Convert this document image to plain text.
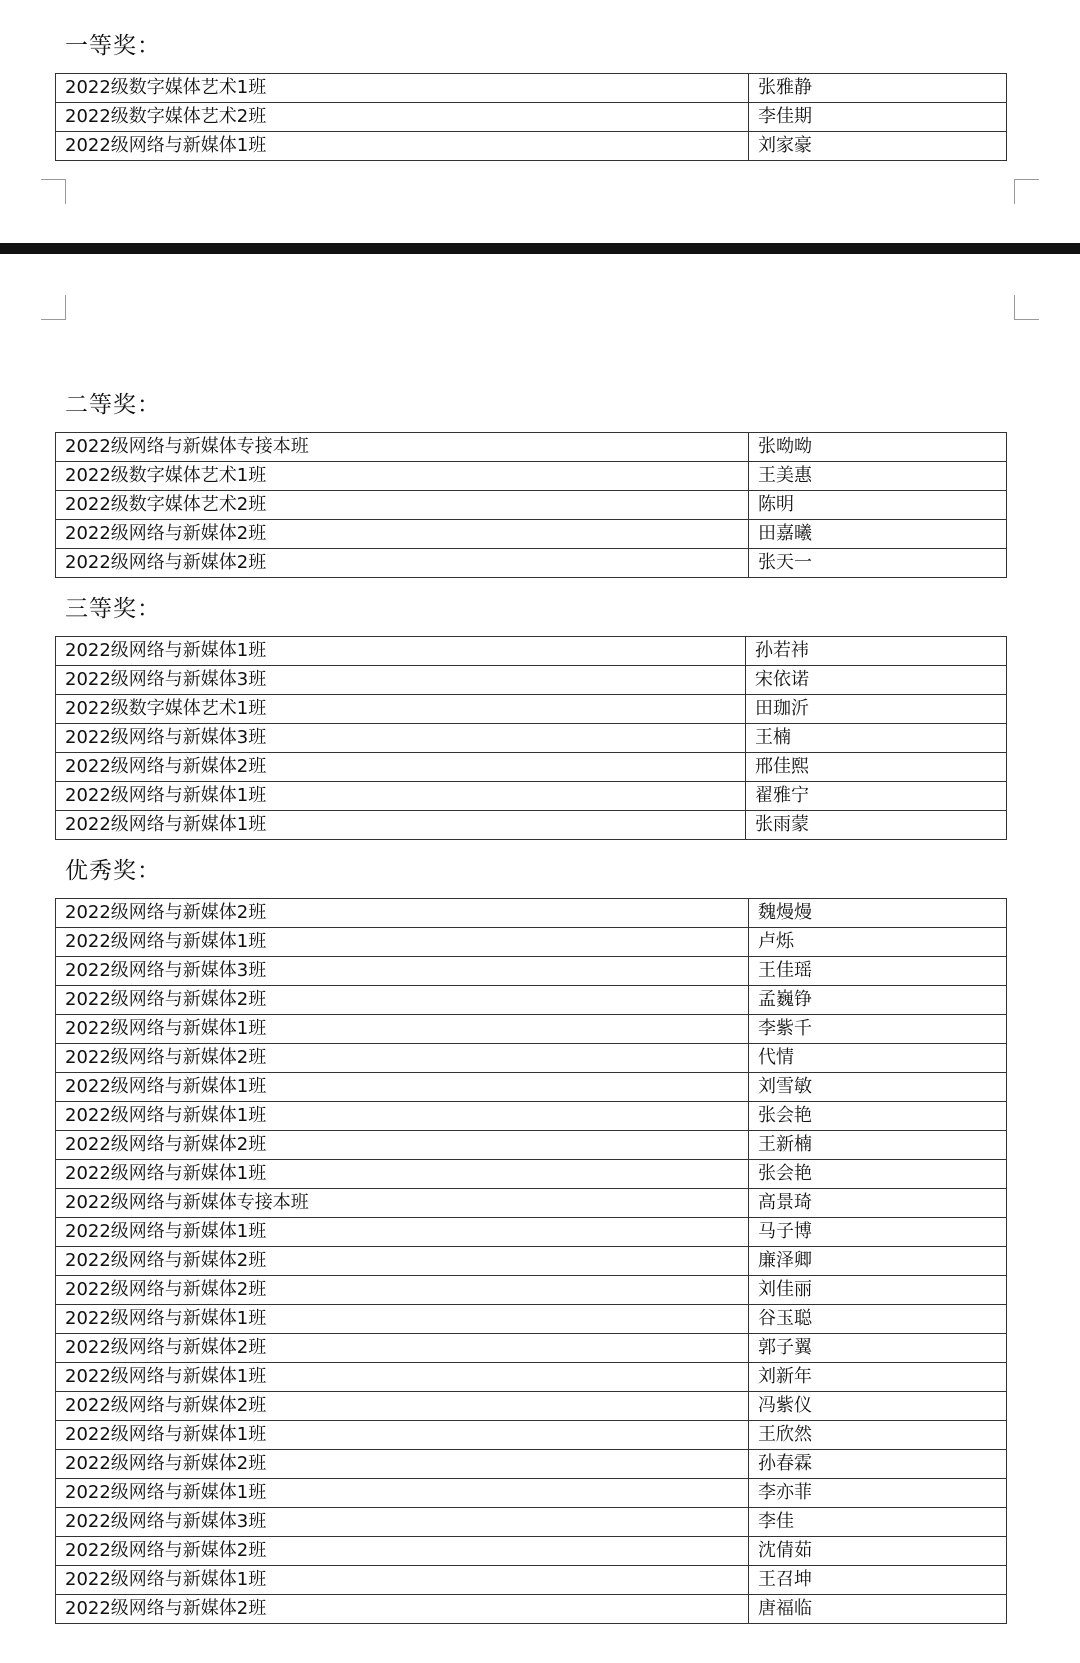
一等奖：
2022级数字媒体艺术1班	张雅静
2022级数字媒体艺术2班	李佳期
2022级网络与新媒体1班	刘家豪
二等奖：
2022级网络与新媒体专接本班	张呦呦
2022级数字媒体艺术1班	王美惠
2022级数字媒体艺术2班	陈明
2022级网络与新媒体2班	田嘉曦
2022级网络与新媒体2班	张天一
三等奖：
2022级网络与新媒体1班	孙若祎
2022级网络与新媒体3班	宋依诺
2022级数字媒体艺术1班	田珈沂
2022级网络与新媒体3班	王楠
2022级网络与新媒体2班	邢佳熙
2022级网络与新媒体1班	翟雅宁
2022级网络与新媒体1班	张雨蒙
优秀奖：
2022级网络与新媒体2班	魏熳熳
2022级网络与新媒体1班	卢烁
2022级网络与新媒体3班	王佳瑶
2022级网络与新媒体2班	孟巍铮
2022级网络与新媒体1班	李紫千
2022级网络与新媒体2班	代情
2022级网络与新媒体1班	刘雪敏
2022级网络与新媒体1班	张会艳
2022级网络与新媒体2班	王新楠
2022级网络与新媒体1班	张会艳
2022级网络与新媒体专接本班	高景琦
2022级网络与新媒体1班	马子博
2022级网络与新媒体2班	廉泽卿
2022级网络与新媒体2班	刘佳丽
2022级网络与新媒体1班	谷玉聪
2022级网络与新媒体2班	郭子翼
2022级网络与新媒体1班	刘新年
2022级网络与新媒体2班	冯紫仪
2022级网络与新媒体1班	王欣然
2022级网络与新媒体2班	孙春霖
2022级网络与新媒体1班	李亦菲
2022级网络与新媒体3班	李佳
2022级网络与新媒体2班	沈倩茹
2022级网络与新媒体1班	王召坤
2022级网络与新媒体2班	唐福临
